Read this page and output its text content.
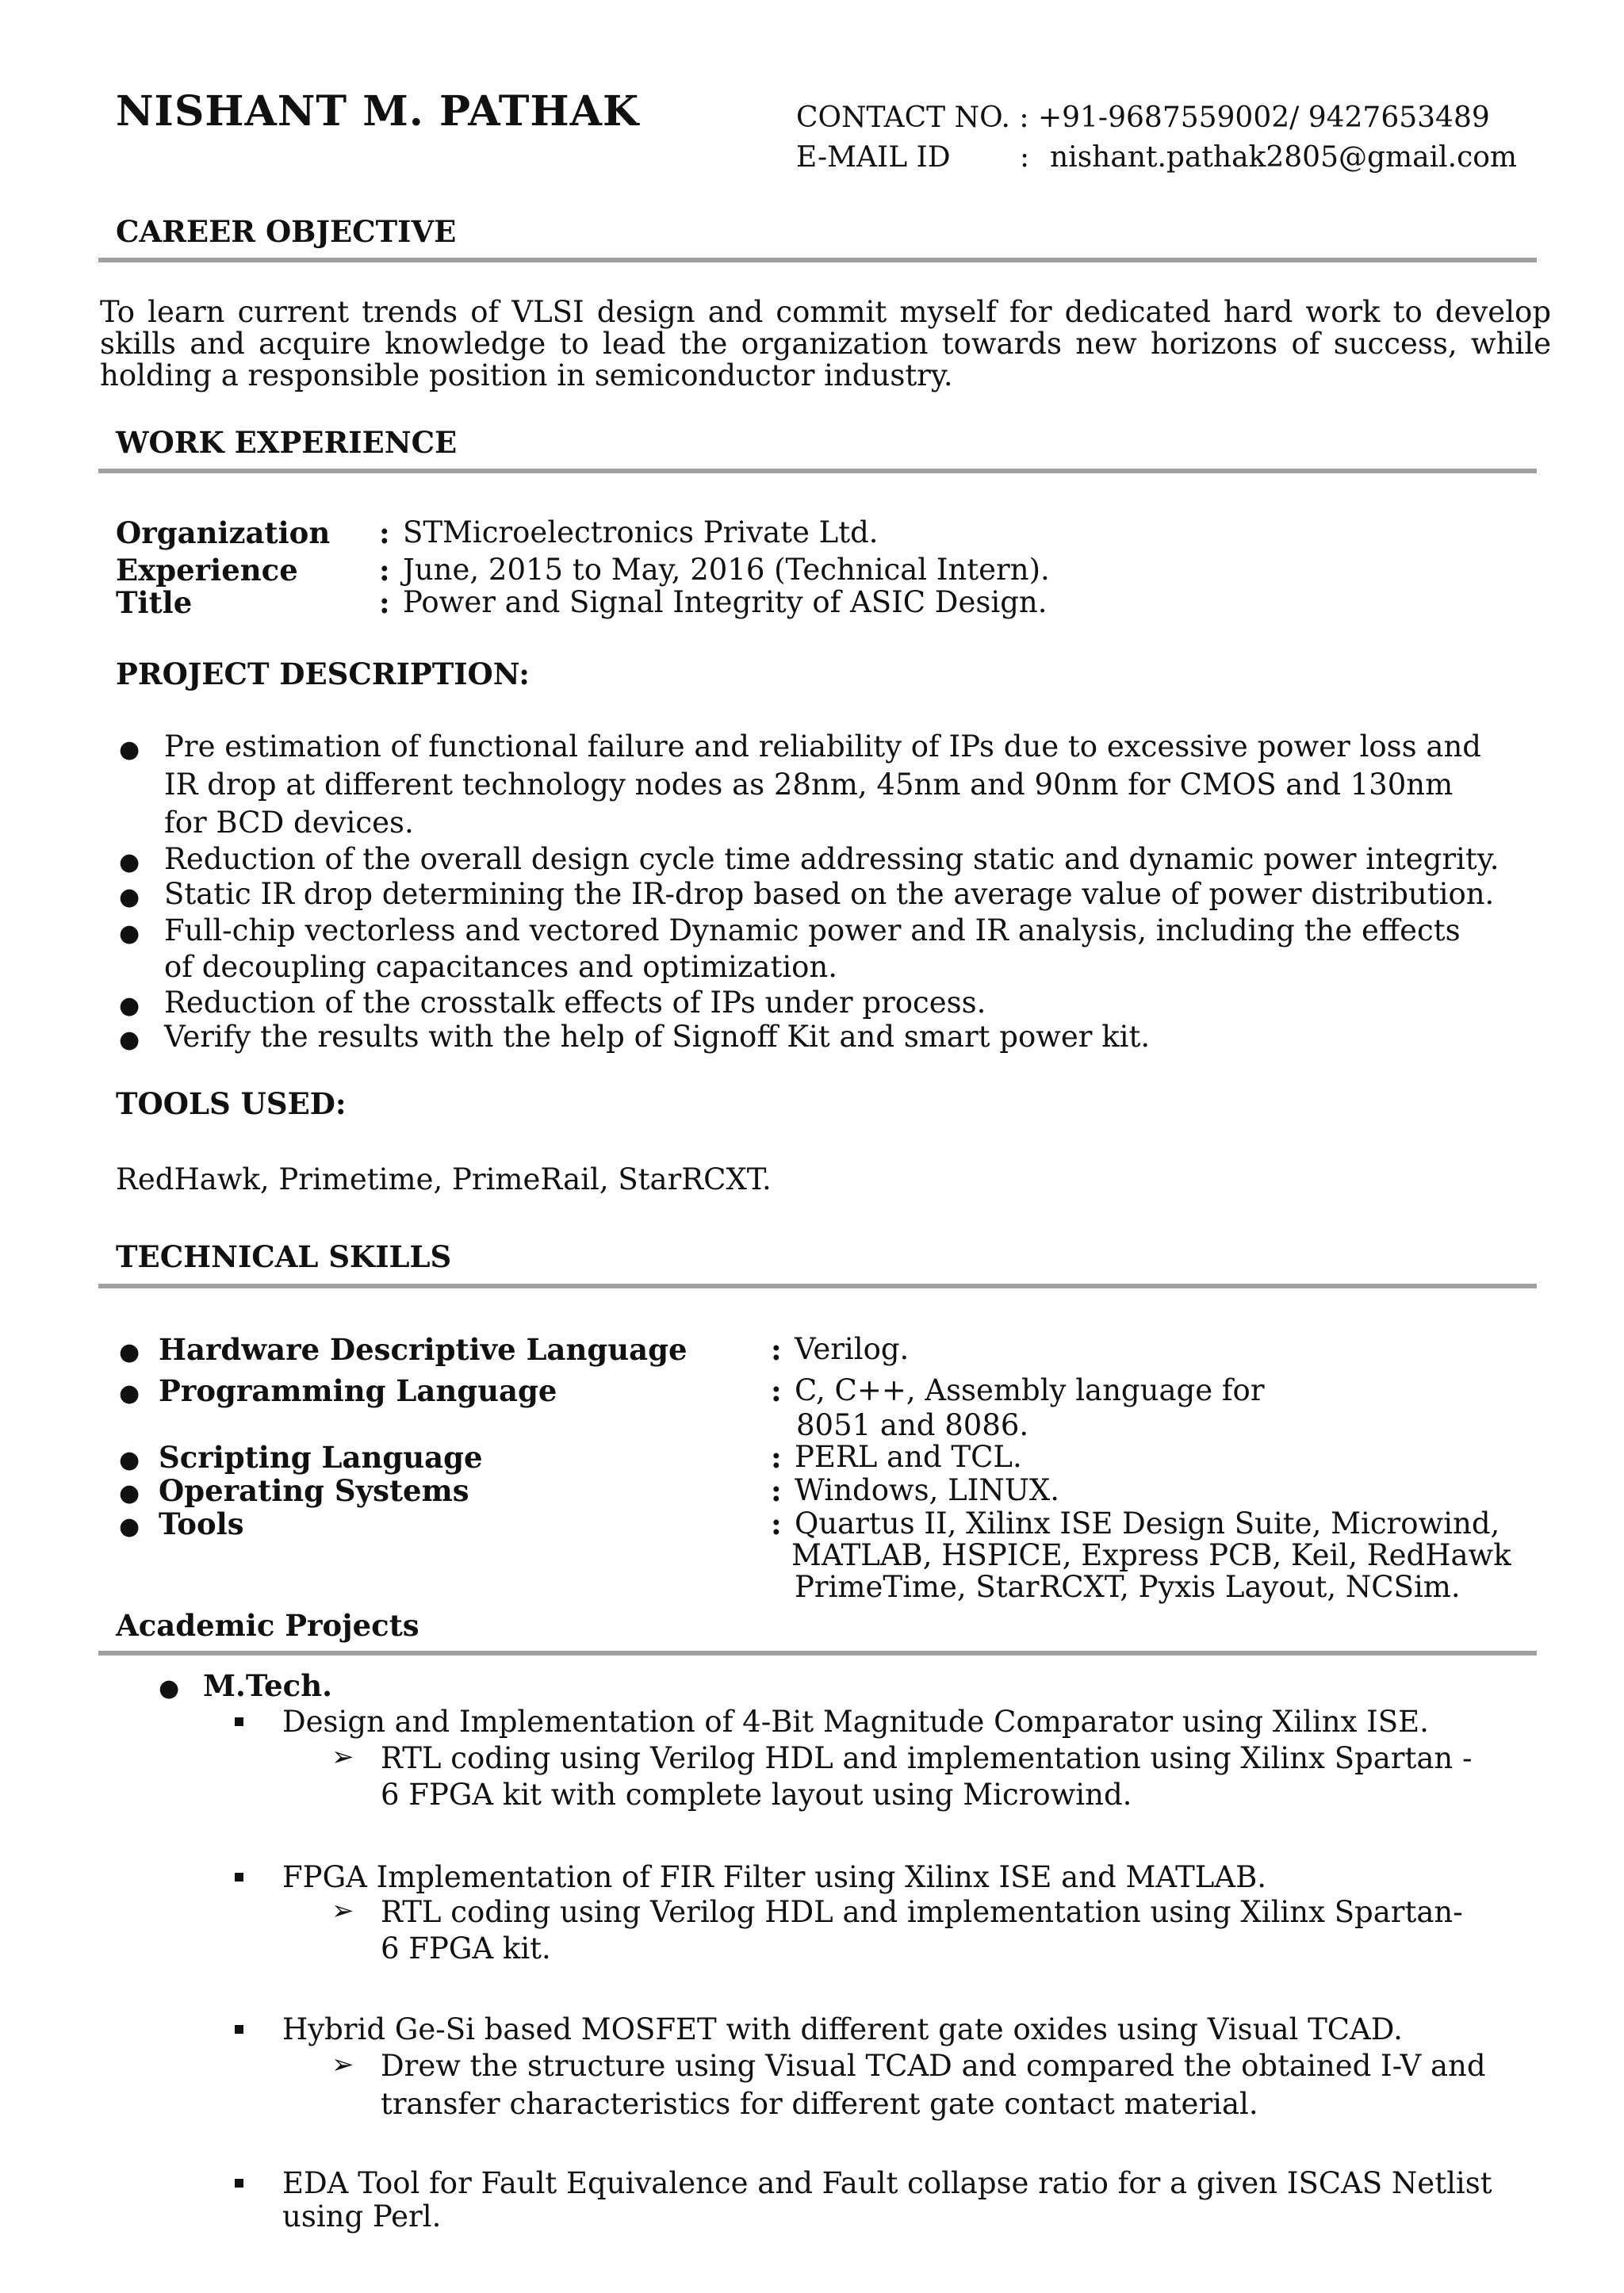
NISHANT M. PATHAK	CONTACT NO. : +91-9687559002/ 9427653489
E-MAIL ID : nishant.pathak2805@gmail.com
CAREER OBJECTIVE
To learn current trends of VLSI design and commit myself for dedicated hard work to develop skills and acquire knowledge to lead the organization towards new horizons of success, while holding a responsible position in semiconductor industry.
WORK EXPERIENCE
Organization : STMicroelectronics Private Ltd.
Experience	: June, 2015 to May, 2016 (Technical Intern).
Title	: Power and Signal Integrity of ASIC Design.
PROJECT DESCRIPTION:
● Pre estimation of functional failure and reliability of IPs due to excessive power loss and
IR drop at different technology nodes as 28nm, 45nm and 90nm for CMOS and 130nm
for BCD devices.
● Reduction of the overall design cycle time addressing static and dynamic power integrity.
● Static IR drop determining the IR-drop based on the average value of power distribution.
● Full-chip vectorless and vectored Dynamic power and IR analysis, including the effects
of decoupling capacitances and optimization.
● Reduction of the crosstalk effects of IPs under process.
● Verify the results with the help of Signoff Kit and smart power kit.
TOOLS USED:
RedHawk, Primetime, PrimeRail, StarRCXT.
TECHNICAL SKILLS
● Hardware Descriptive Language	: Verilog.
● Programming Language	: C, C++, Assembly language for
8051 and 8086.
● Scripting Language	: PERL and TCL.
● Operating Systems	: Windows, LINUX.
● Tools	: Quartus II, Xilinx ISE Design Suite, Microwind,
MATLAB, HSPICE, Express PCB, Keil, RedHawk
PrimeTime, StarRCXT, Pyxis Layout, NCSim.
Academic Projects
● M.Tech.
Design and Implementation of 4-Bit Magnitude Comparator using Xilinx ISE.
➢ RTL coding using Verilog HDL and implementation using Xilinx Spartan -
6 FPGA kit with complete layout using Microwind.
FPGA Implementation of FIR Filter using Xilinx ISE and MATLAB.
➢ RTL coding using Verilog HDL and implementation using Xilinx Spartan-
6 FPGA kit.
Hybrid Ge-Si based MOSFET with different gate oxides using Visual TCAD.
➢ Drew the structure using Visual TCAD and compared the obtained I-V and
transfer characteristics for different gate contact material.
EDA Tool for Fault Equivalence and Fault collapse ratio for a given ISCAS Netlist
using Perl.
